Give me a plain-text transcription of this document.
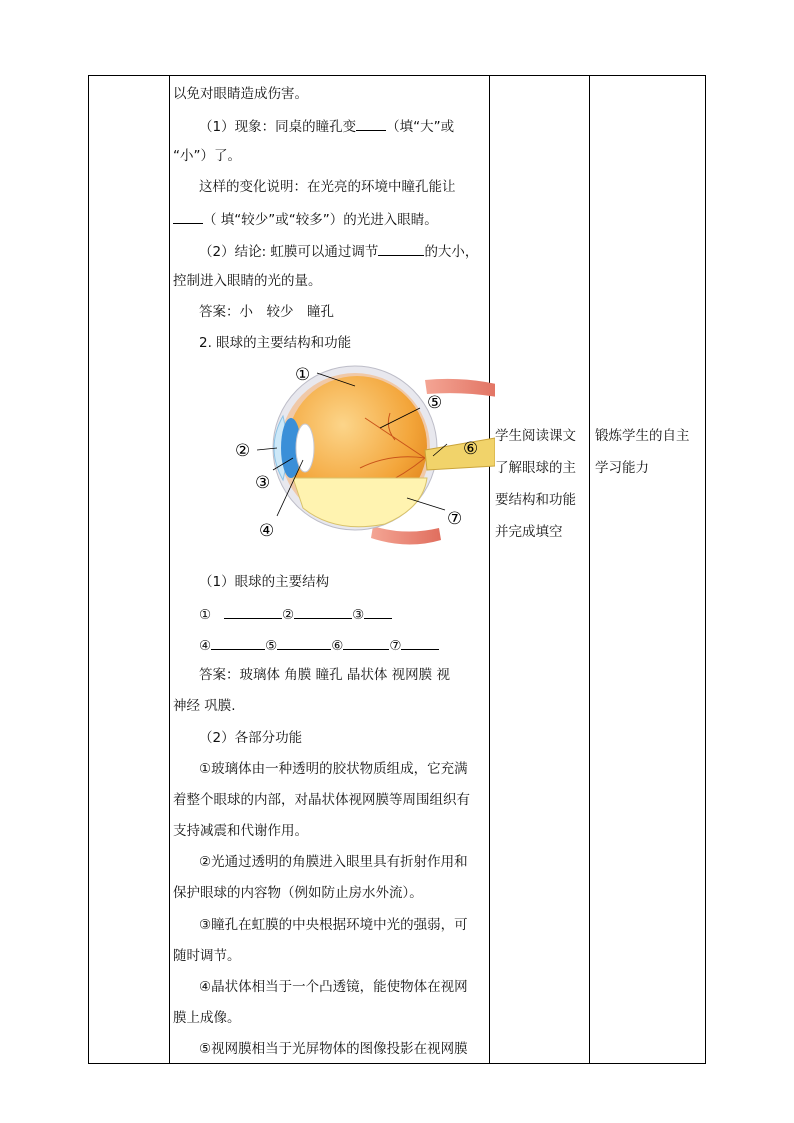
以免对眼睛造成伤害。
（1）现象：同桌的瞳孔变 （填“大”或
“小”）了。
这样的变化说明：在光亮的环境中瞳孔能让
（ 填“较少”或“较多”）的光进入眼睛。
（2）结论: 虹膜可以通过调节	的大小，
控制进入眼睛的光的量。
答案：小　较少　瞳孔
2. 眼球的主要结构和功能
①
②
③
④
⑤
⑥
⑦
（1）眼球的主要结构
①	②	③
④	⑤	⑥	⑦
答案：玻璃体 角膜 瞳孔 晶状体 视网膜 视
神经 巩膜.
（2）各部分功能
①玻璃体由一种透明的胶状物质组成，它充满
着整个眼球的内部，对晶状体视网膜等周围组织有
支持减震和代谢作用。
②光通过透明的角膜进入眼里具有折射作用和
保护眼球的内容物（例如防止房水外流）。
③瞳孔在虹膜的中央根据环境中光的强弱，可
随时调节。
④晶状体相当于一个凸透镜，能使物体在视网
膜上成像。
⑤视网膜相当于光屏物体的图像投影在视网膜
学生阅读课文
了解眼球的主
要结构和功能
并完成填空
锻炼学生的自主
学习能力
